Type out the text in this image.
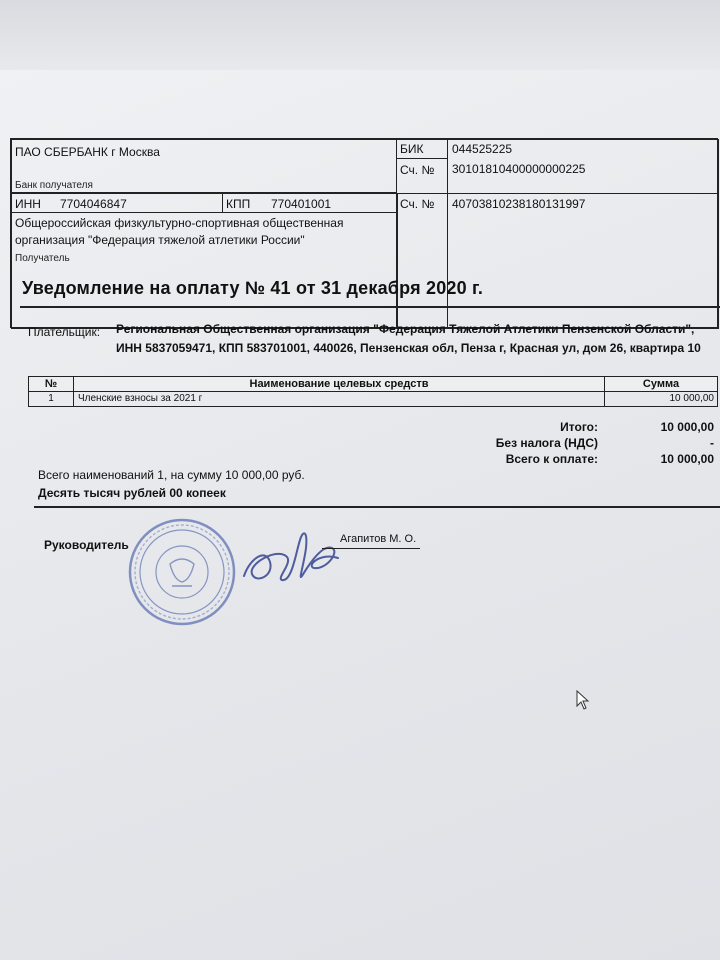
ПАО СБЕРБАНК г Москва
Банк получателя
БИК 044525225
Сч. № 30101810400000000225
ИНН 7704046847	КПП 770401001
Общероссийская физкультурно-спортивная общественная
организация "Федерация тяжелой атлетики России"
Получатель
Сч. № 40703810238180131997
Уведомление на оплату № 41 от 31 декабря 2020 г.
Плательщик: Региональная Общественная организация "Федерация Тяжелой Атлетики Пензенской Области", ИНН 5837059471, КПП 583701001, 440026, Пензенская обл, Пенза г, Красная ул, дом 26, квартира 10
№	Наименование целевых средств	Сумма
1	Членские взносы за 2021 г	10 000,00
Итого:	10 000,00
Без налога (НДС)	-
Всего к оплате:	10 000,00
Всего наименований 1, на сумму 10 000,00 руб.
Десять тысяч рублей 00 копеек
Руководитель	Агапитов М. О.
